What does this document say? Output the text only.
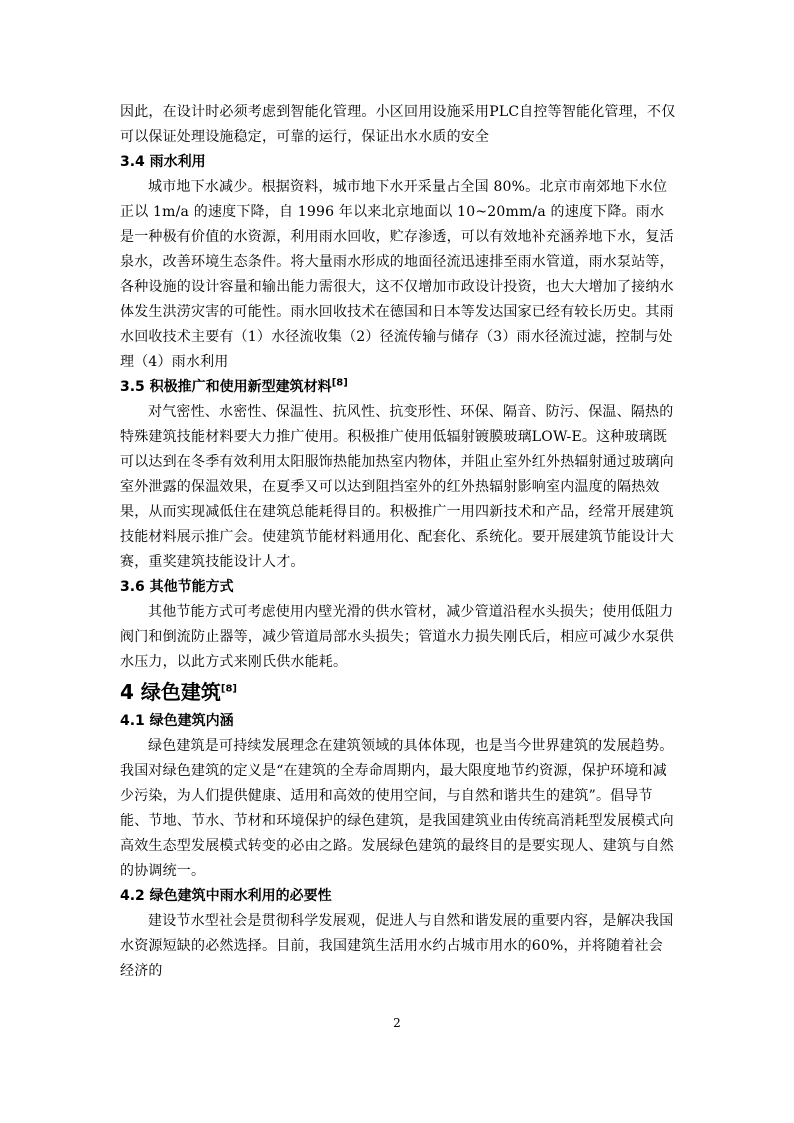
因此，在设计时必须考虑到智能化管理。小区回用设施采用PLC自控等智能化管理，不仅可以保证处理设施稳定，可靠的运行，保证出水水质的安全

3.4 雨水利用

城市地下水减少。根据资料，城市地下水开采量占全国 80%。北京市南郊地下水位正以 1m/a 的速度下降，自 1996 年以来北京地面以 10~20mm/a 的速度下降。雨水是一种极有价值的水资源，利用雨水回收，贮存渗透，可以有效地补充涵养地下水，复活泉水，改善环境生态条件。将大量雨水形成的地面径流迅速排至雨水管道，雨水泵站等，各种设施的设计容量和输出能力需很大，这不仅增加市政设计投资，也大大增加了接纳水体发生洪涝灾害的可能性。雨水回收技术在德国和日本等发达国家已经有较长历史。其雨水回收技术主要有（1）水径流收集（2）径流传输与储存（3）雨水径流过滤，控制与处理（4）雨水利用

3.5 积极推广和使用新型建筑材料[8]

对气密性、水密性、保温性、抗风性、抗变形性、环保、隔音、防污、保温、隔热的特殊建筑技能材料要大力推广使用。积极推广使用低辐射镀膜玻璃LOW-E。这种玻璃既可以达到在冬季有效利用太阳服饰热能加热室内物体，并阻止室外红外热辐射通过玻璃向室外泄露的保温效果，在夏季又可以达到阻挡室外的红外热辐射影响室内温度的隔热效果，从而实现减低住在建筑总能耗得目的。积极推广一用四新技术和产品，经常开展建筑技能材料展示推广会。使建筑节能材料通用化、配套化、系统化。要开展建筑节能设计大赛，重奖建筑技能设计人才。

3.6 其他节能方式

其他节能方式可考虑使用内壁光滑的供水管材，减少管道沿程水头损失；使用低阻力阀门和倒流防止器等，减少管道局部水头损失；管道水力损失刚氏后，相应可减少水泵供水压力，以此方式来刚氏供水能耗。

4 绿色建筑[8]
4.1 绿色建筑内涵

绿色建筑是可持续发展理念在建筑领域的具体体现，也是当今世界建筑的发展趋势。我国对绿色建筑的定义是“在建筑的全寿命周期内，最大限度地节约资源，保护环境和减少污染，为人们提供健康、适用和高效的使用空间，与自然和谐共生的建筑”。倡导节能、节地、节水、节材和环境保护的绿色建筑，是我国建筑业由传统高消耗型发展模式向高效生态型发展模式转变的必由之路。发展绿色建筑的最终目的是要实现人、建筑与自然的协调统一。

4.2 绿色建筑中雨水利用的必要性

建设节水型社会是贯彻科学发展观，促进人与自然和谐发展的重要内容，是解决我国水资源短缺的必然选择。目前，我国建筑生活用水约占城市用水的60%，并将随着社会经济的

2
